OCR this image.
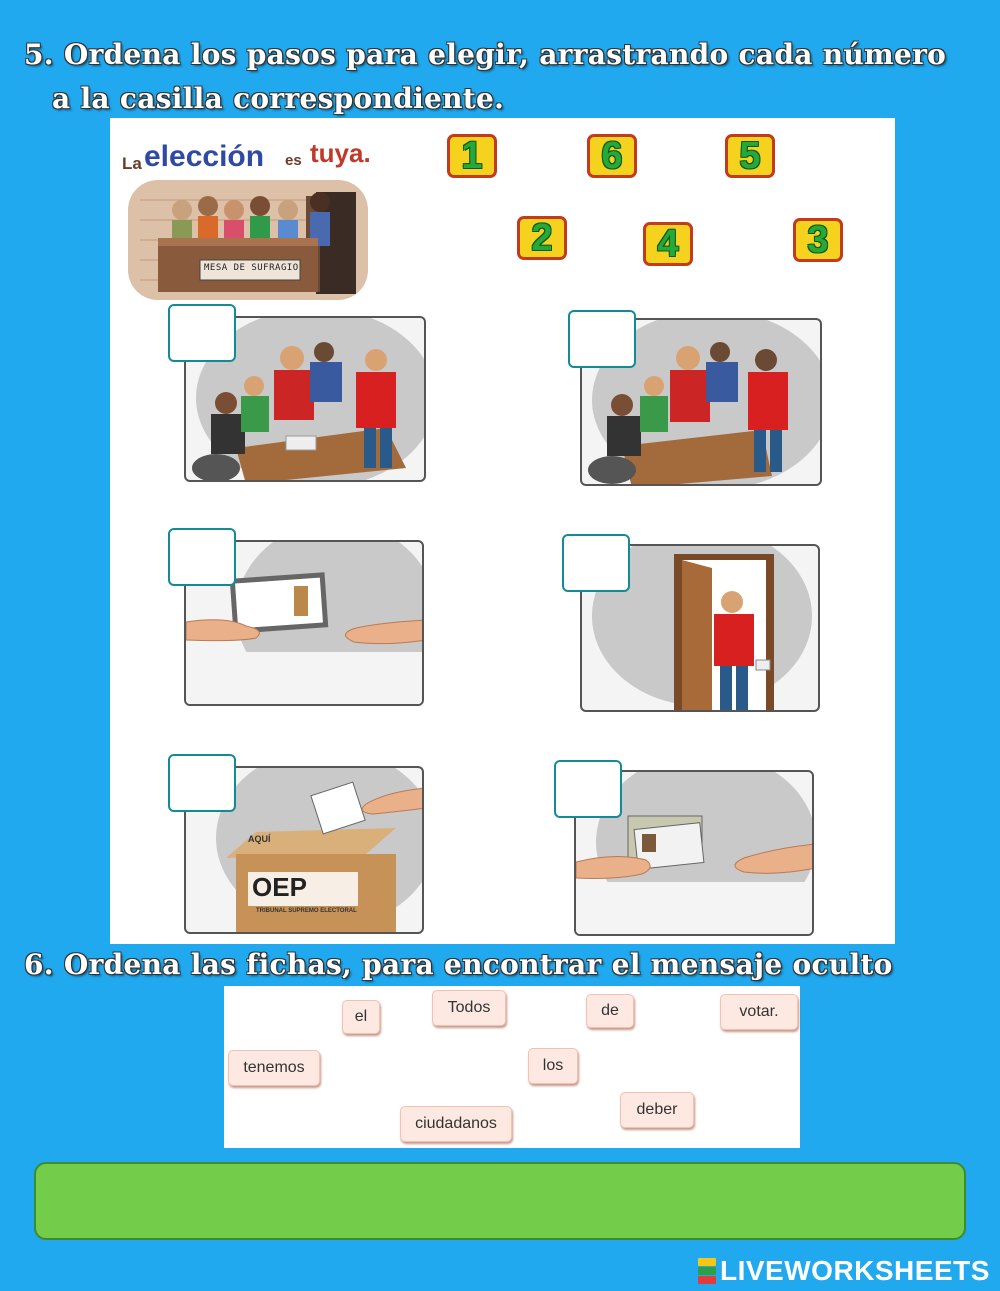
5. Ordena los pasos para elegir, arrastrando cada número
a la casilla correspondiente.
MESA DE SUFRAGIO
La elección es tuya.	1	6	5
2	4	3
OEP
TRIBUNAL SUPREMO ELECTORAL
AQUÍ
6. Ordena las fichas, para encontrar el mensaje oculto
el
Todos	de	votar.
tenemos	los
deber
ciudadanos
LIVEWORKSHEETS
